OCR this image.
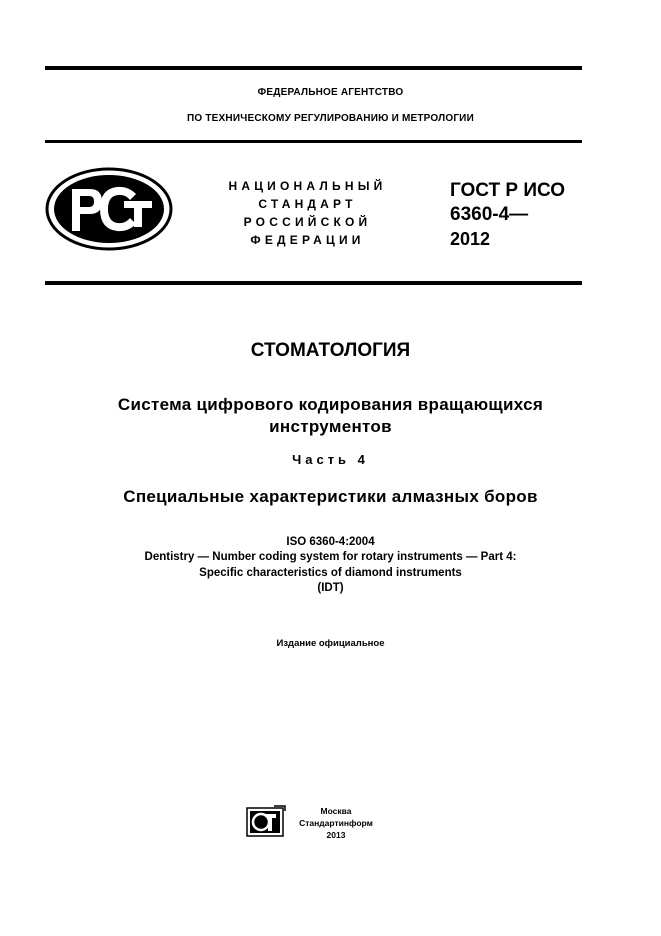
ФЕДЕРАЛЬНОЕ АГЕНТСТВО
ПО ТЕХНИЧЕСКОМУ РЕГУЛИРОВАНИЮ И МЕТРОЛОГИИ
НАЦИОНАЛЬНЫЙ
СТАНДАРТ
РОССИЙСКОЙ
ФЕДЕРАЦИИ
ГОСТ Р ИСО
6360-4—
2012
СТОМАТОЛОГИЯ
Система цифрового кодирования вращающихся
инструментов
Часть 4
Специальные характеристики алмазных боров
ISO 6360-4:2004
Dentistry — Number coding system for rotary instruments — Part 4:
Specific characteristics of diamond instruments
(IDT)
Издание официальное
Москва
Стандартинформ
2013
